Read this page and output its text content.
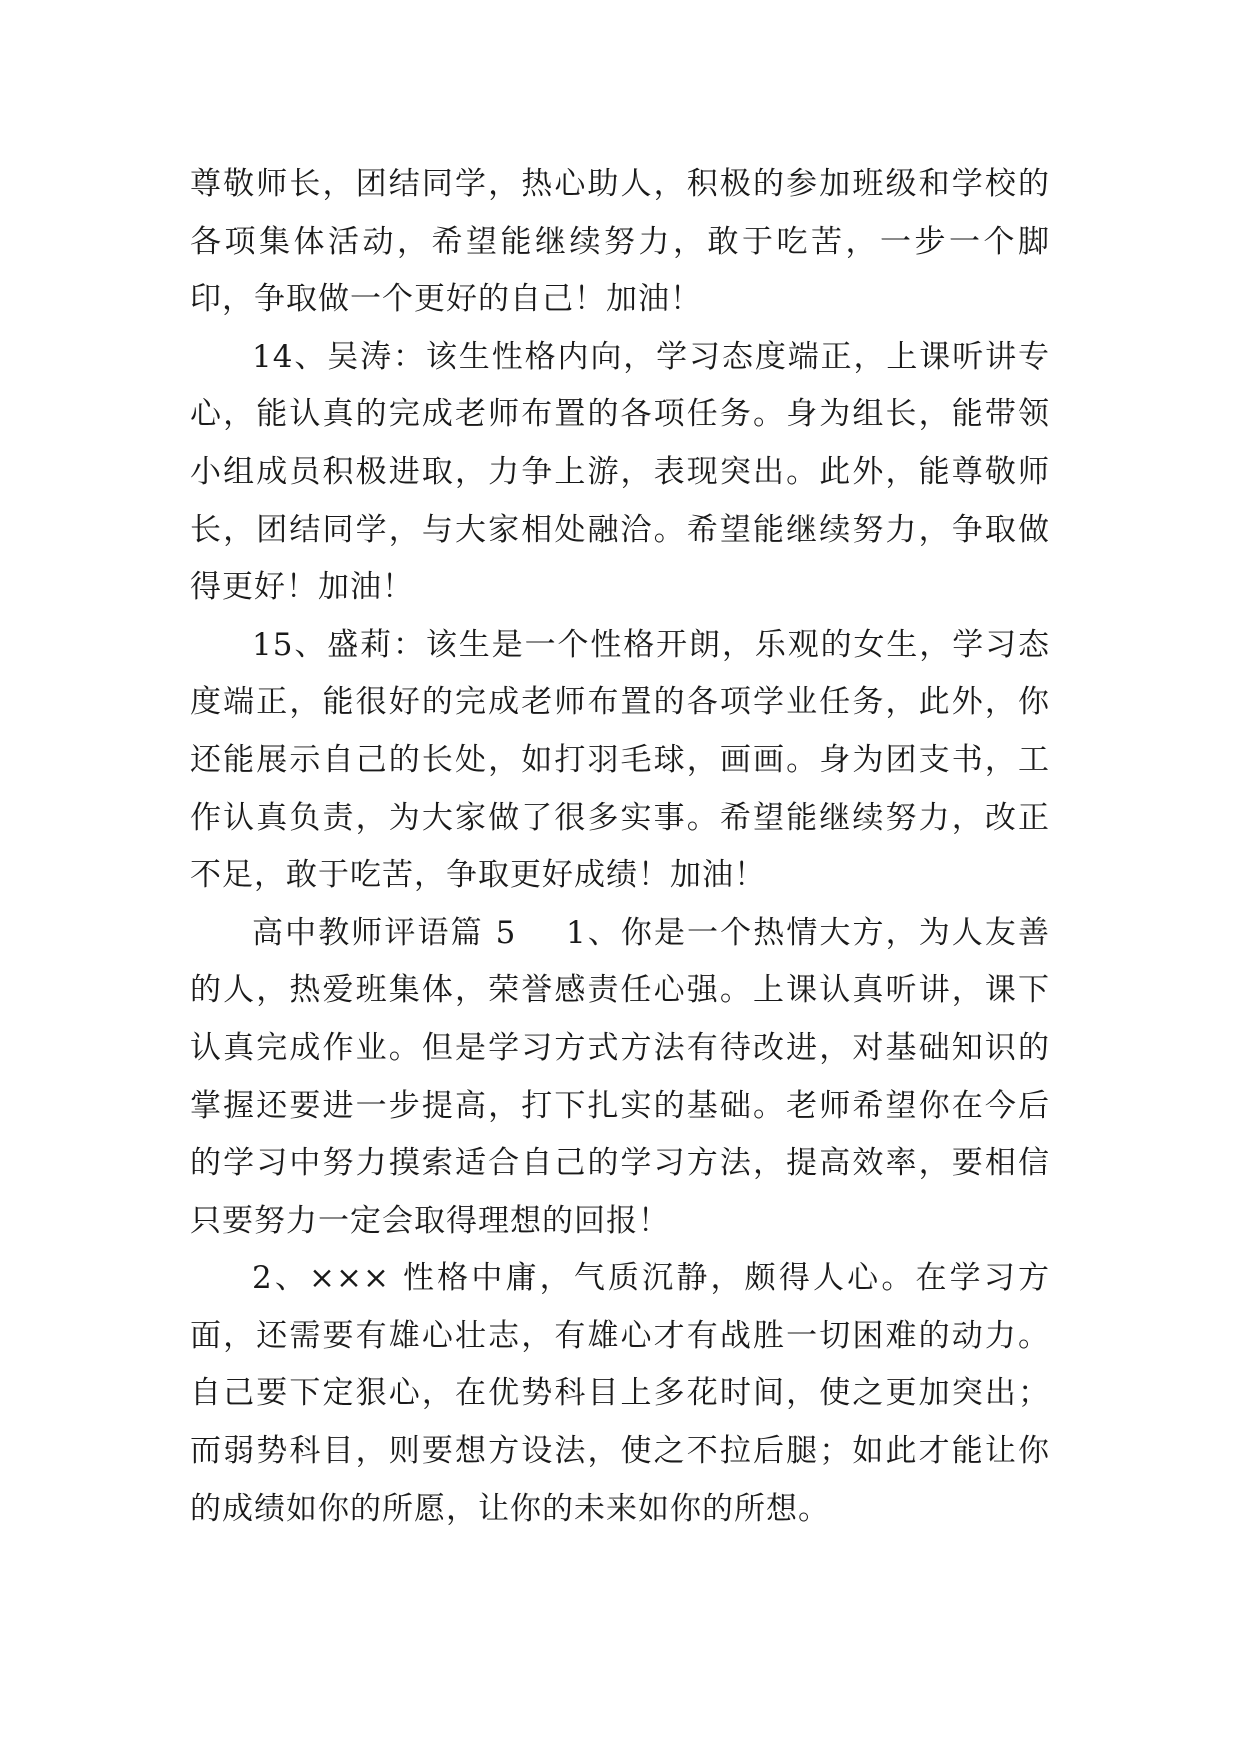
尊敬师长，团结同学，热心助人，积极的参加班级和学校的各项集体活动，希望能继续努力，敢于吃苦，一步一个脚印，争取做一个更好的自己！加油！

14、吴涛：该生性格内向，学习态度端正，上课听讲专心，能认真的完成老师布置的各项任务。身为组长，能带领小组成员积极进取，力争上游，表现突出。此外，能尊敬师长，团结同学，与大家相处融洽。希望能继续努力，争取做得更好！加油！

15、盛莉：该生是一个性格开朗，乐观的女生，学习态度端正，能很好的完成老师布置的各项学业任务，此外，你还能展示自己的长处，如打羽毛球，画画。身为团支书，工作认真负责，为大家做了很多实事。希望能继续努力，改正不足，敢于吃苦，争取更好成绩！加油！

高中教师评语篇 5 1、你是一个热情大方，为人友善的人，热爱班集体，荣誉感责任心强。上课认真听讲，课下认真完成作业。但是学习方式方法有待改进，对基础知识的掌握还要进一步提高，打下扎实的基础。老师希望你在今后的学习中努力摸索适合自己的学习方法，提高效率，要相信只要努力一定会取得理想的回报！

2、××× 性格中庸，气质沉静，颇得人心。在学习方面，还需要有雄心壮志，有雄心才有战胜一切困难的动力。自己要下定狠心，在优势科目上多花时间，使之更加突出；而弱势科目，则要想方设法，使之不拉后腿；如此才能让你的成绩如你的所愿，让你的未来如你的所想。
